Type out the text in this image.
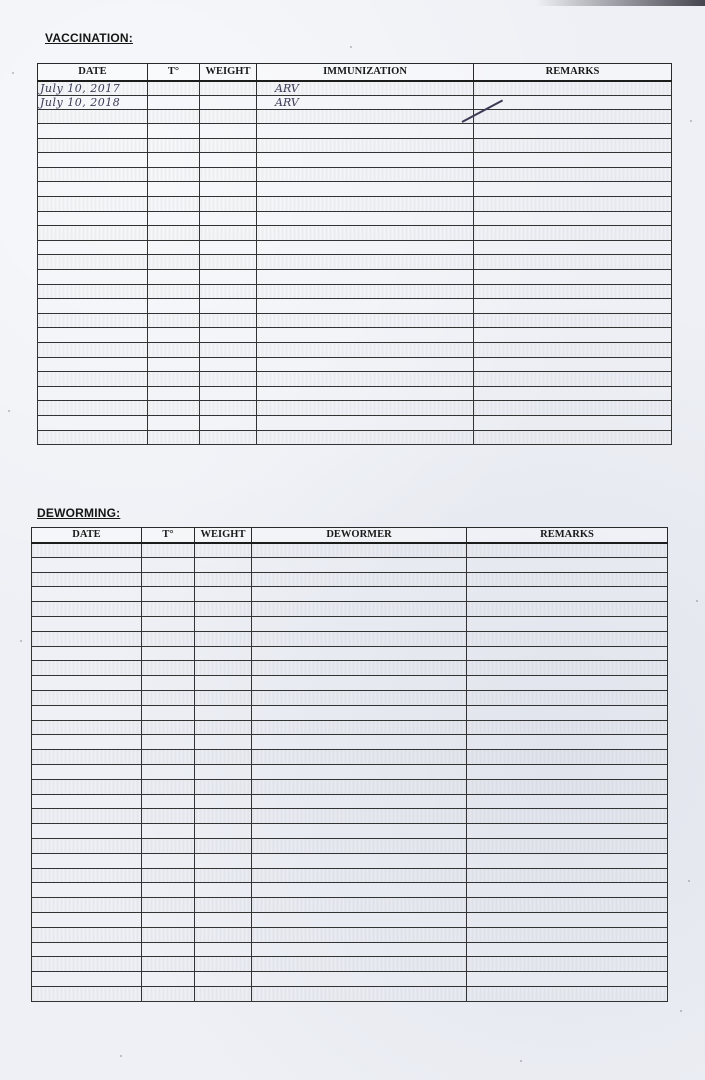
VACCINATION:
DATE	T°	WEIGHT	IMMUNIZATION	REMARKS
July 10, 2017			ARV	
July 10, 2018			ARV	

DEWORMING:
DATE	T°	WEIGHT	DEWORMER	REMARKS
